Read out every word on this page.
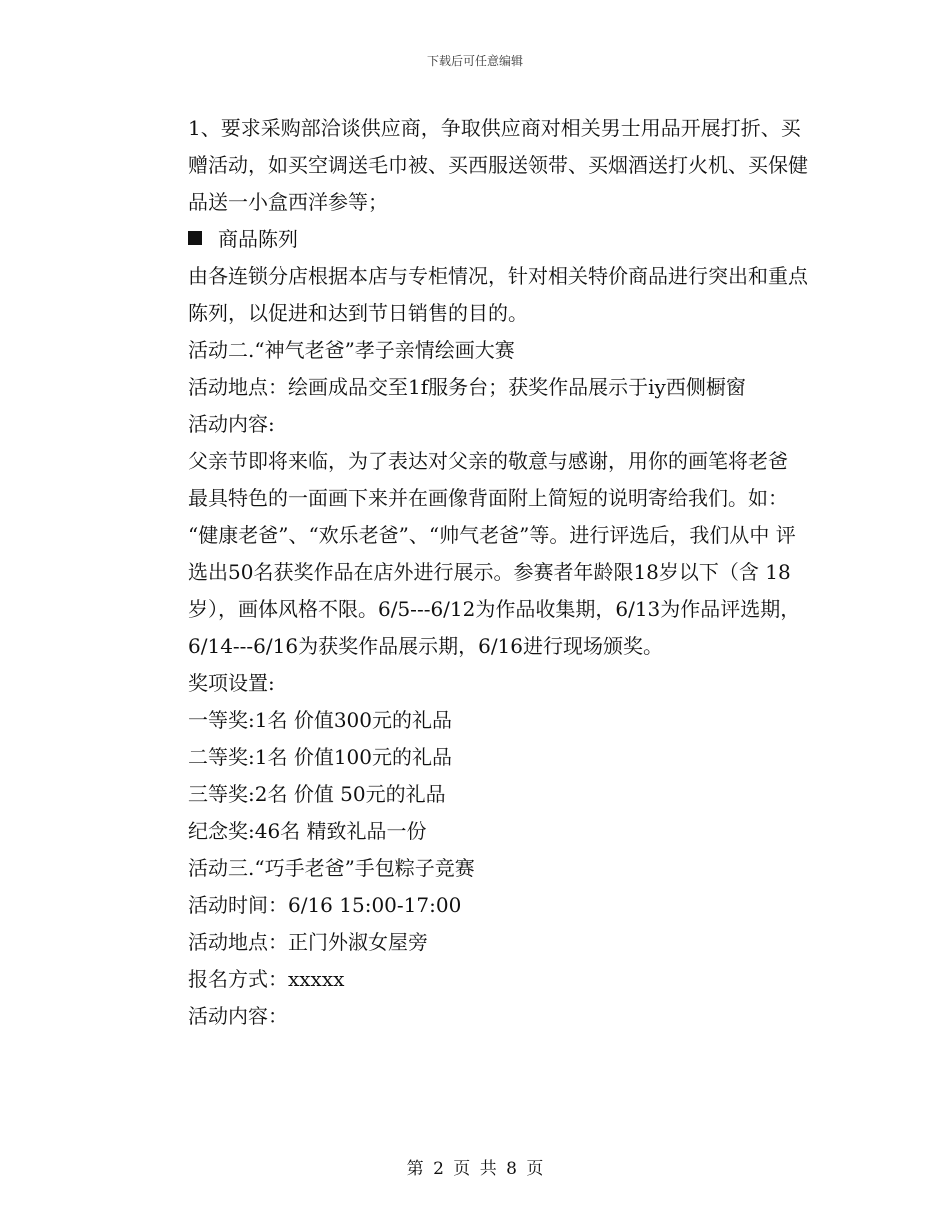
下载后可任意编辑

1、要求采购部洽谈供应商，争取供应商对相关男士用品开展打折、买赠活动，如买空调送毛巾被、买西服送领带、买烟酒送打火机、买保健品送一小盒西洋参等；

商品陈列

由各连锁分店根据本店与专柜情况，针对相关特价商品进行突出和重点陈列，以促进和达到节日销售的目的。

活动二.“神气老爸”孝子亲情绘画大赛

活动地点：绘画成品交至1f服务台；获奖作品展示于iy西侧橱窗

活动内容:

父亲节即将来临，为了表达对父亲的敬意与感谢，用你的画笔将老爸 最具特色的一面画下来并在画像背面附上简短的说明寄给我们。如： “健康老爸”、“欢乐老爸”、“帅气老爸”等。进行评选后，我们从中 评选出50名获奖作品在店外进行展示。参赛者年龄限18岁以下（含 18岁），画体风格不限。6/5---6/12为作品收集期，6/13为作品评选期，6/14---6/16为获奖作品展示期，6/16进行现场颁奖。

奖项设置:

一等奖:1名 价值300元的礼品

二等奖:1名 价值100元的礼品

三等奖:2名 价值 50元的礼品

纪念奖:46名 精致礼品一份

活动三.“巧手老爸”手包粽子竞赛

活动时间：6/16 15:00-17:00

活动地点：正门外淑女屋旁

报名方式：xxxxx

活动内容：

第 2 页 共 8 页
